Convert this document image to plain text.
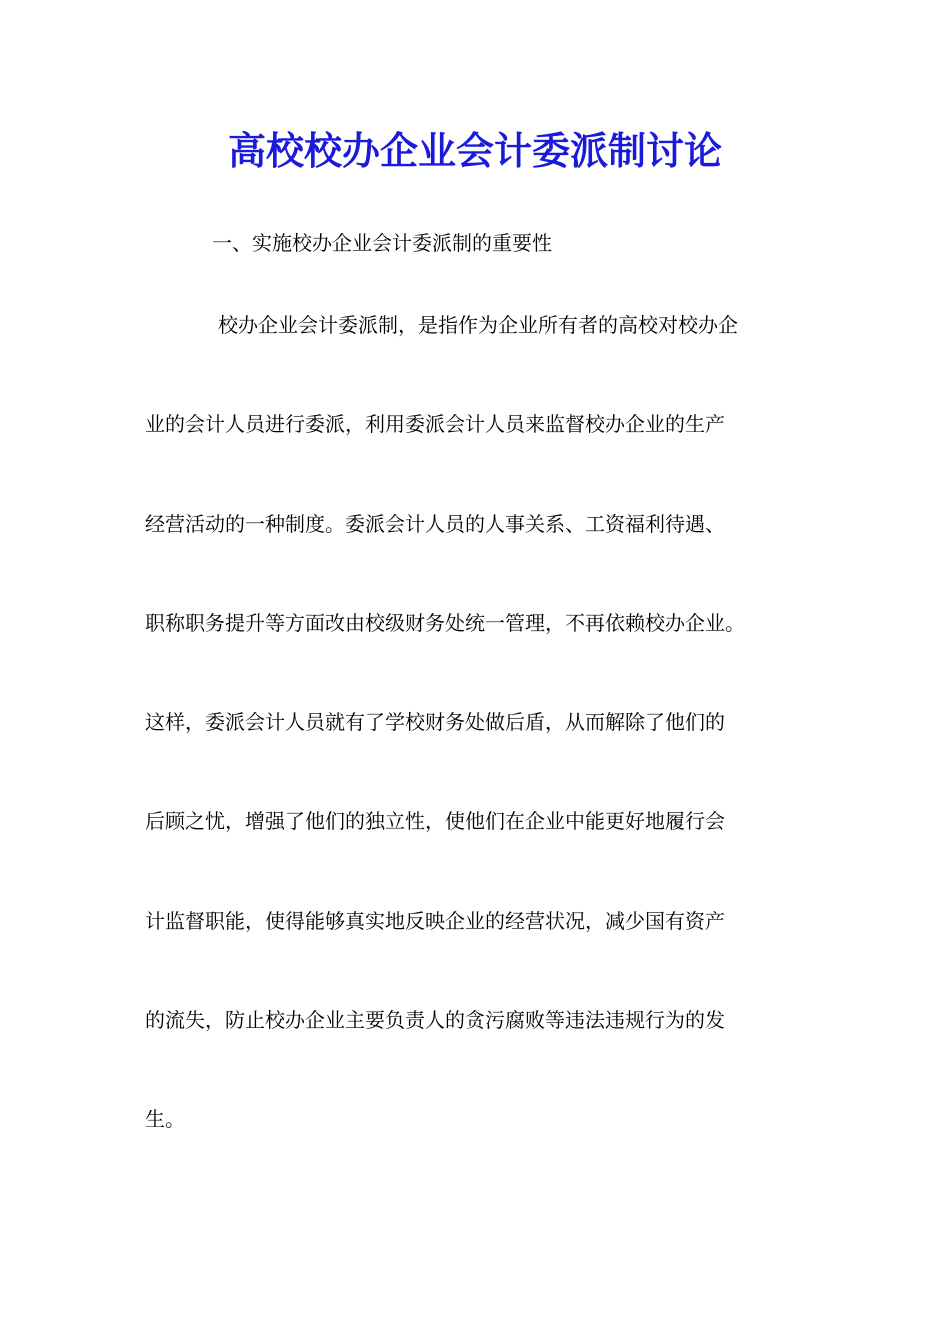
高校校办企业会计委派制讨论

一、实施校办企业会计委派制的重要性

校办企业会计委派制，是指作为企业所有者的高校对校办企

业的会计人员进行委派，利用委派会计人员来监督校办企业的生产

经营活动的一种制度。委派会计人员的人事关系、工资福利待遇、

职称职务提升等方面改由校级财务处统一管理，不再依赖校办企业。

这样，委派会计人员就有了学校财务处做后盾，从而解除了他们的

后顾之忧，增强了他们的独立性，使他们在企业中能更好地履行会

计监督职能，使得能够真实地反映企业的经营状况，减少国有资产

的流失，防止校办企业主要负责人的贪污腐败等违法违规行为的发

生。
